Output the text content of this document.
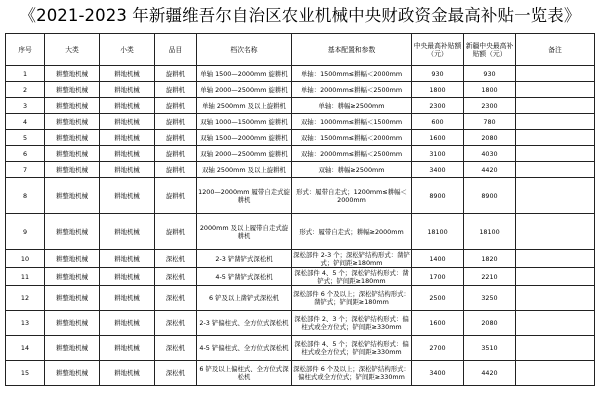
《2021-2023 年新疆维吾尔自治区农业机械中央财政资金最高补贴一览表》
序号	大类	小类	品目	档次名称	基本配置和参数	中央最高补贴额（元）	新疆中央最高补贴额（元）	备注
1	耕整地机械	耕地机械	旋耕机	单轴 1500—2000mm 旋耕机	单轴：1500mm≤耕幅＜2000mm	930	930	
2	耕整地机械	耕地机械	旋耕机	单轴 2000—2500mm 旋耕机	单轴：2000mm≤耕幅＜2500mm	1800	1800	
3	耕整地机械	耕地机械	旋耕机	单轴 2500mm 及以上旋耕机	单轴：耕幅≥2500mm	2300	2300	
4	耕整地机械	耕地机械	旋耕机	双轴 1000—1500mm 旋耕机	双轴：1000mm≤耕幅＜1500mm	600	780	
5	耕整地机械	耕地机械	旋耕机	双轴 1500—2000mm 旋耕机	双轴：1500mm≤耕幅＜2000mm	1600	2080	
6	耕整地机械	耕地机械	旋耕机	双轴 2000—2500mm 旋耕机	双轴：2000mm≤耕幅＜2500mm	3100	4030	
7	耕整地机械	耕地机械	旋耕机	双轴 2500mm 及以上旋耕机	双轴：耕幅≥2500mm	3400	4420	
8	耕整地机械	耕地机械	旋耕机	1200—2000mm 履带自走式旋耕机	形式：履带自走式；1200mm≤耕幅＜2000mm	8900	8900	
9	耕整地机械	耕地机械	旋耕机	2000mm 及以上履带自走式旋耕机	形式：履带自走式；耕幅≥2000mm	18100	18100	
10	耕整地机械	耕地机械	深松机	2-3 铲凿铲式深松机	深松部件 2-3 个；深松铲结构形式：凿铲式；铲间距≥180mm	1400	1820	
11	耕整地机械	耕地机械	深松机	4-5 铲凿铲式深松机	深松部件 4、5 个；深松铲结构形式：凿铲式；铲间距≥180mm	1700	2210	
12	耕整地机械	耕地机械	深松机	6 铲及以上凿铲式深松机	深松部件 6 个及以上；深松铲结构形式：凿铲式；铲间距≥180mm	2500	3250	
13	耕整地机械	耕地机械	深松机	2-3 铲偏柱式、全方位式深松机	深松部件 2、3 个；深松铲结构形式：偏柱式或全方位式；铲间距≥330mm	1600	2080	
14	耕整地机械	耕地机械	深松机	4-5 铲偏柱式、全方位式深松机	深松部件 4、5 个；深松铲结构形式：偏柱式或全方位式；铲间距≥330mm	2700	3510	
15	耕整地机械	耕地机械	深松机	6 铲及以上偏柱式、全方位式深松机	深松部件 6 个及以上；深松铲结构形式：偏柱式或全方位式；铲间距≥330mm	3400	4420	
